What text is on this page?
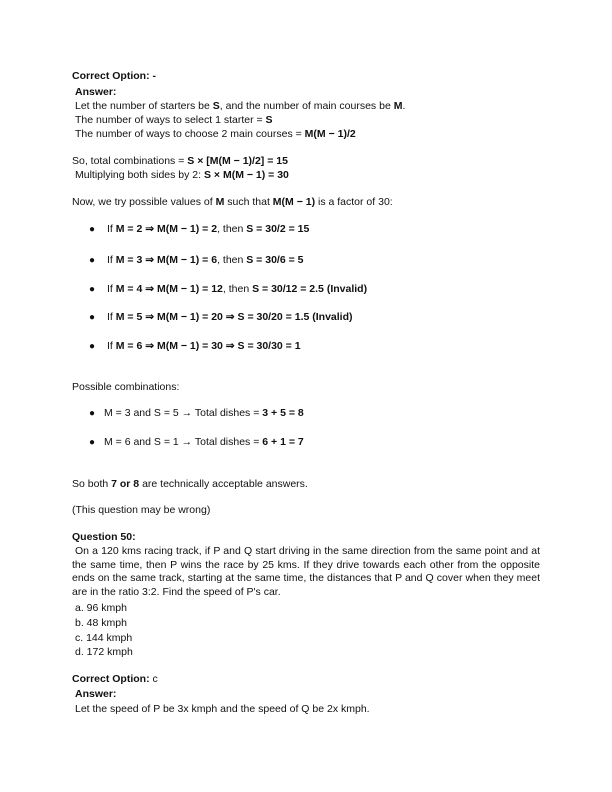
Correct Option: -
Answer:
Let the number of starters be S, and the number of main courses be M.
The number of ways to select 1 starter = S
The number of ways to choose 2 main courses = M(M − 1)/2
So, total combinations = S × [M(M − 1)/2] = 15
Multiplying both sides by 2: S × M(M − 1) = 30
Now, we try possible values of M such that M(M − 1) is a factor of 30:
● If M = 2 ⇒ M(M − 1) = 2, then S = 30/2 = 15
● If M = 3 ⇒ M(M − 1) = 6, then S = 30/6 = 5
● If M = 4 ⇒ M(M − 1) = 12, then S = 30/12 = 2.5 (Invalid)
● If M = 5 ⇒ M(M − 1) = 20 ⇒ S = 30/20 = 1.5 (Invalid)
● If M = 6 ⇒ M(M − 1) = 30 ⇒ S = 30/30 = 1
Possible combinations:
● M = 3 and S = 5 → Total dishes = 3 + 5 = 8
● M = 6 and S = 1 → Total dishes = 6 + 1 = 7
So both 7 or 8 are technically acceptable answers.
(This question may be wrong)
Question 50:
On a 120 kms racing track, if P and Q start driving in the same direction from the same point and at the same time, then P wins the race by 25 kms. If they drive towards each other from the opposite ends on the same track, starting at the same time, the distances that P and Q cover when they meet are in the ratio 3:2. Find the speed of P's car.
a. 96 kmph
b. 48 kmph
c. 144 kmph
d. 172 kmph
Correct Option: c
Answer:
Let the speed of P be 3x kmph and the speed of Q be 2x kmph.
